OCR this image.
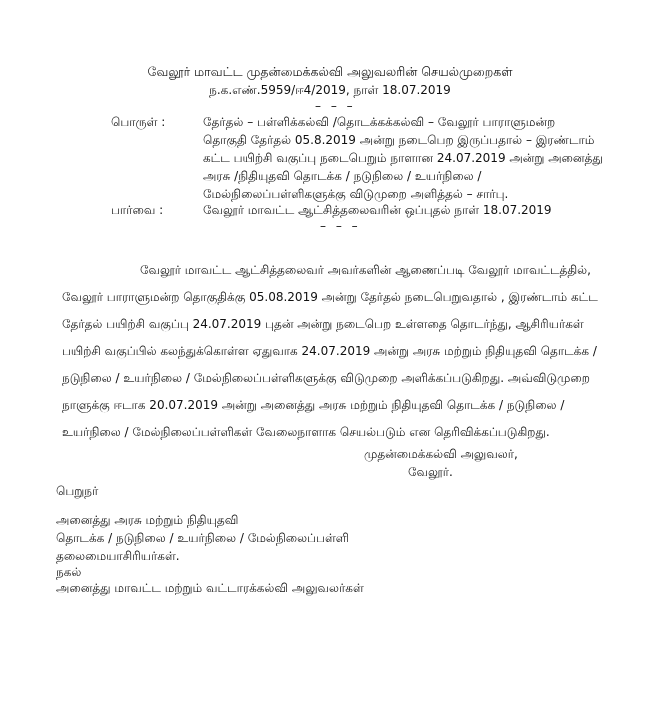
வேலூர் மாவட்ட முதன்மைக்கல்வி அலுவலரின் செயல்முறைகள்
ந.க.எண்.5959/ஈ4/2019, நாள் 18.07.2019
– – –
பொருள் :	தேர்தல் – பள்ளிக்கல்வி /தொடக்கக்கல்வி – வேலூர் பாராளுமன்ற
தொகுதி தேர்தல் 05.8.2019 அன்று நடைபெற இருப்பதால் – இரண்டாம்
கட்ட பயிற்சி வகுப்பு நடைபெறும் நாளான 24.07.2019 அன்று அனைத்து
அரசு /நிதியுதவி தொடக்க / நடுநிலை / உயர்நிலை /
மேல்நிலைப்பள்ளிகளுக்கு விடுமுறை அளித்தல் – சார்பு.
பார்வை :	வேலூர் மாவட்ட ஆட்சித்தலைவரின் ஒப்புதல் நாள் 18.07.2019
– – –
வேலூர் மாவட்ட ஆட்சித்தலைவர் அவர்களின் ஆணைப்படி வேலூர் மாவட்டத்தில்,
வேலூர் பாராளுமன்ற தொகுதிக்கு 05.08.2019 அன்று தேர்தல் நடைபெறுவதால் , இரண்டாம் கட்ட
தேர்தல் பயிற்சி வகுப்பு 24.07.2019 புதன் அன்று நடைபெற உள்ளதை தொடர்ந்து, ஆசிரியர்கள்
பயிற்சி வகுப்பில் கலந்துக்கொள்ள ஏதுவாக 24.07.2019 அன்று அரசு மற்றும் நிதியுதவி தொடக்க /
நடுநிலை / உயர்நிலை / மேல்நிலைப்பள்ளிகளுக்கு விடுமுறை அளிக்கப்படுகிறது. அவ்விடுமுறை
நாளுக்கு ஈடாக 20.07.2019 அன்று அனைத்து அரசு மற்றும் நிதியுதவி தொடக்க / நடுநிலை /
உயர்நிலை / மேல்நிலைப்பள்ளிகள் வேலைநாளாக செயல்படும் என தெரிவிக்கப்படுகிறது.
முதன்மைக்கல்வி அலுவலர்,
வேலூர்.
பெறுநர்
அனைத்து அரசு மற்றும் நிதியுதவி
தொடக்க / நடுநிலை / உயர்நிலை / மேல்நிலைப்பள்ளி
தலைமையாசிரியர்கள்.
நகல்
அனைத்து மாவட்ட மற்றும் வட்டாரக்கல்வி அலுவலர்கள்
